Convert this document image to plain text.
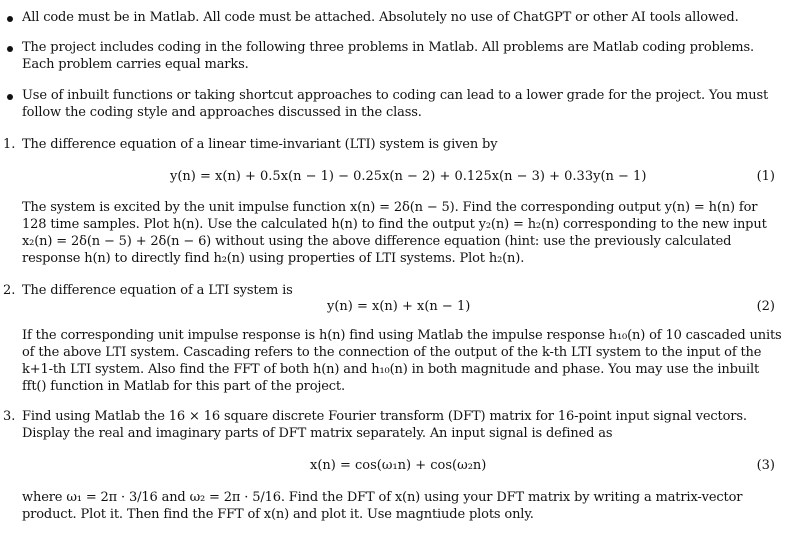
All code must be in Matlab. All code must be attached. Absolutely no use of ChatGPT or other AI tools allowed.

The project includes coding in the following three problems in Matlab. All problems are Matlab coding problems. Each problem carries equal marks.

Use of inbuilt functions or taking shortcut approaches to coding can lead to a lower grade for the project. You must follow the coding style and approaches discussed in the class.

1. The difference equation of a linear time-invariant (LTI) system is given by

y(n) = x(n) + 0.5x(n − 1) − 0.25x(n − 2) + 0.125x(n − 3) + 0.33y(n − 1)	(1)

The system is excited by the unit impulse function x(n) = 2δ(n − 5). Find the corresponding output y(n) = h(n) for 128 time samples. Plot h(n). Use the calculated h(n) to find the output y₂(n) = h₂(n) corresponding to the new input x₂(n) = 2δ(n − 5) + 2δ(n − 6) without using the above difference equation (hint: use the previously calculated response h(n) to directly find h₂(n) using properties of LTI systems. Plot h₂(n).

2. The difference equation of a LTI system is

y(n) = x(n) + x(n − 1)	(2)

If the corresponding unit impulse response is h(n) find using Matlab the impulse response h₁₀(n) of 10 cascaded units of the above LTI system. Cascading refers to the connection of the output of the k-th LTI system to the input of the k+1-th LTI system. Also find the FFT of both h(n) and h₁₀(n) in both magnitude and phase. You may use the inbuilt fft() function in Matlab for this part of the project.

3. Find using Matlab the 16 × 16 square discrete Fourier transform (DFT) matrix for 16-point input signal vectors. Display the real and imaginary parts of DFT matrix separately. An input signal is defined as

x(n) = cos(ω₁n) + cos(ω₂n)	(3)

where ω₁ = 2π · 3/16 and ω₂ = 2π · 5/16. Find the DFT of x(n) using your DFT matrix by writing a matrix-vector product. Plot it. Then find the FFT of x(n) and plot it. Use magntiude plots only.
